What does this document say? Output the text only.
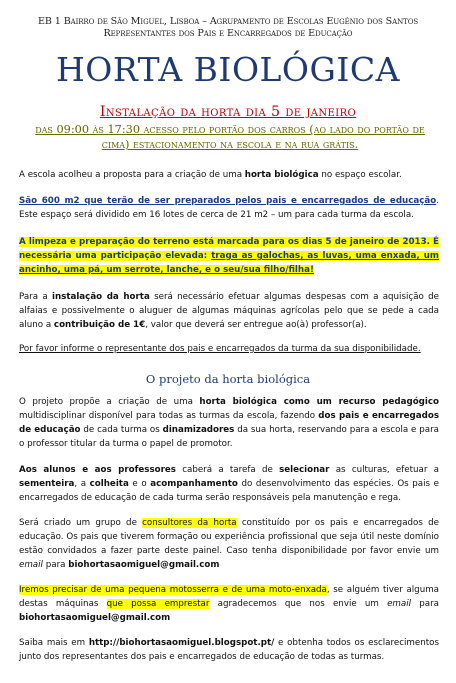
EB 1 Bairro de São Miguel, Lisboa – Agrupamento de Escolas Eugénio dos Santos
Representantes dos Pais e Encarregados de Educação
HORTA BIOLÓGICA
Instalação da horta dia 5 de janeiro
das 09:00 às 17:30 acesso pelo portão dos carros (ao lado do portão de cima) estacionamento na escola e na rua grátis.
A escola acolheu a proposta para a criação de uma horta biológica no espaço escolar.
São 600 m2 que terão de ser preparados pelos pais e encarregados de educação. Este espaço será dividido em 16 lotes de cerca de 21 m2 – um para cada turma da escola.
A limpeza e preparação do terreno está marcada para os dias 5 de janeiro de 2013. É necessária uma participação elevada: traga as galochas, as luvas, uma enxada, um ancinho, uma pá, um serrote, lanche, e o seu/sua filho/filha!
Para a instalação da horta será necessário efetuar algumas despesas com a aquisição de alfaias e possivelmente o aluguer de algumas máquinas agrícolas pelo que se pede a cada aluno a contribuição de 1€, valor que deverá ser entregue ao(à) professor(a).
Por favor informe o representante dos pais e encarregados da turma da sua disponibilidade.
O projeto da horta biológica
O projeto propõe a criação de uma horta biológica como um recurso pedagógico multidisciplinar disponível para todas as turmas da escola, fazendo dos pais e encarregados de educação de cada turma os dinamizadores da sua horta, reservando para a escola e para o professor titular da turma o papel de promotor.
Aos alunos e aos professores caberá a tarefa de selecionar as culturas, efetuar a sementeira, a colheita e o acompanhamento do desenvolvimento das espécies. Os pais e encarregados de educação de cada turma serão responsáveis pela manutenção e rega.
Será criado um grupo de consultores da horta constituído por os pais e encarregados de educação. Os pais que tiverem formação ou experiência profissional que seja útil neste domínio estão convidados a fazer parte deste painel. Caso tenha disponibilidade por favor envie um email para biohortasaomiguel@gmail.com
Iremos precisar de uma pequena motosserra e de uma moto-enxada, se alguém tiver alguma destas máquinas que possa emprestar agradecemos que nos envie um email para biohortasaomiguel@gmail.com
Saiba mais em http://biohortasaomiguel.blogspot.pt/ e obtenha todos os esclarecimentos junto dos representantes dos pais e encarregados de educação de todas as turmas.
